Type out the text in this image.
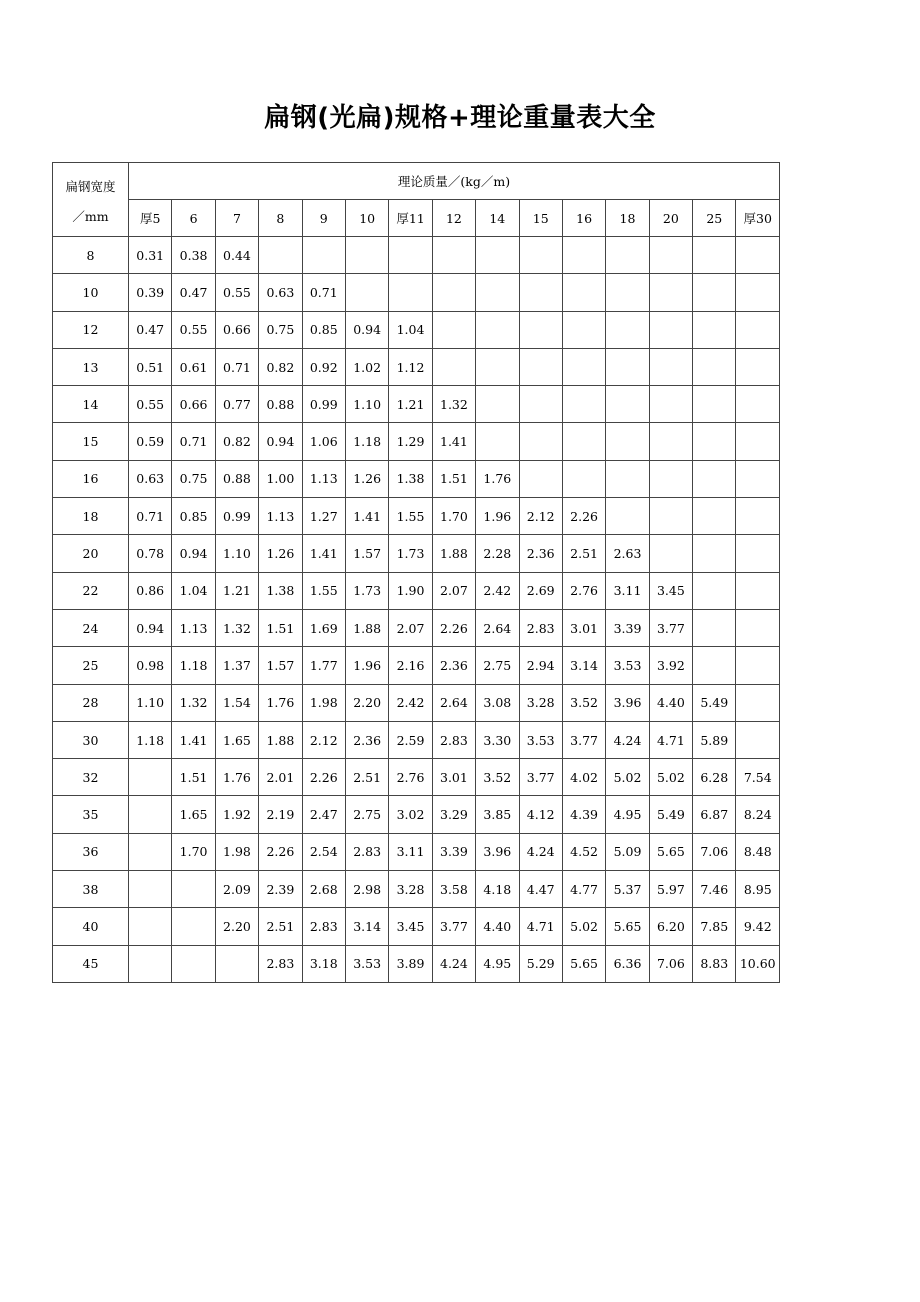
扁钢(光扁)规格+理论重量表大全
扁钢宽度
／mm	理论质量／(kg／m)														
	厚5	6	7	8	9	10	厚11	12	14	15	16	18	20	25	厚30
8	0.31	0.38	0.44												
10	0.39	0.47	0.55	0.63	0.71										
12	0.47	0.55	0.66	0.75	0.85	0.94	1.04								
13	0.51	0.61	0.71	0.82	0.92	1.02	1.12								
14	0.55	0.66	0.77	0.88	0.99	1.10	1.21	1.32							
15	0.59	0.71	0.82	0.94	1.06	1.18	1.29	1.41							
16	0.63	0.75	0.88	1.00	1.13	1.26	1.38	1.51	1.76						
18	0.71	0.85	0.99	1.13	1.27	1.41	1.55	1.70	1.96	2.12	2.26				
20	0.78	0.94	1.10	1.26	1.41	1.57	1.73	1.88	2.28	2.36	2.51	2.63			
22	0.86	1.04	1.21	1.38	1.55	1.73	1.90	2.07	2.42	2.69	2.76	3.11	3.45		
24	0.94	1.13	1.32	1.51	1.69	1.88	2.07	2.26	2.64	2.83	3.01	3.39	3.77		
25	0.98	1.18	1.37	1.57	1.77	1.96	2.16	2.36	2.75	2.94	3.14	3.53	3.92		
28	1.10	1.32	1.54	1.76	1.98	2.20	2.42	2.64	3.08	3.28	3.52	3.96	4.40	5.49	
30	1.18	1.41	1.65	1.88	2.12	2.36	2.59	2.83	3.30	3.53	3.77	4.24	4.71	5.89	
32		1.51	1.76	2.01	2.26	2.51	2.76	3.01	3.52	3.77	4.02	5.02	5.02	6.28	7.54
35		1.65	1.92	2.19	2.47	2.75	3.02	3.29	3.85	4.12	4.39	4.95	5.49	6.87	8.24
36		1.70	1.98	2.26	2.54	2.83	3.11	3.39	3.96	4.24	4.52	5.09	5.65	7.06	8.48
38			2.09	2.39	2.68	2.98	3.28	3.58	4.18	4.47	4.77	5.37	5.97	7.46	8.95
40			2.20	2.51	2.83	3.14	3.45	3.77	4.40	4.71	5.02	5.65	6.20	7.85	9.42
45				2.83	3.18	3.53	3.89	4.24	4.95	5.29	5.65	6.36	7.06	8.83	10.60
